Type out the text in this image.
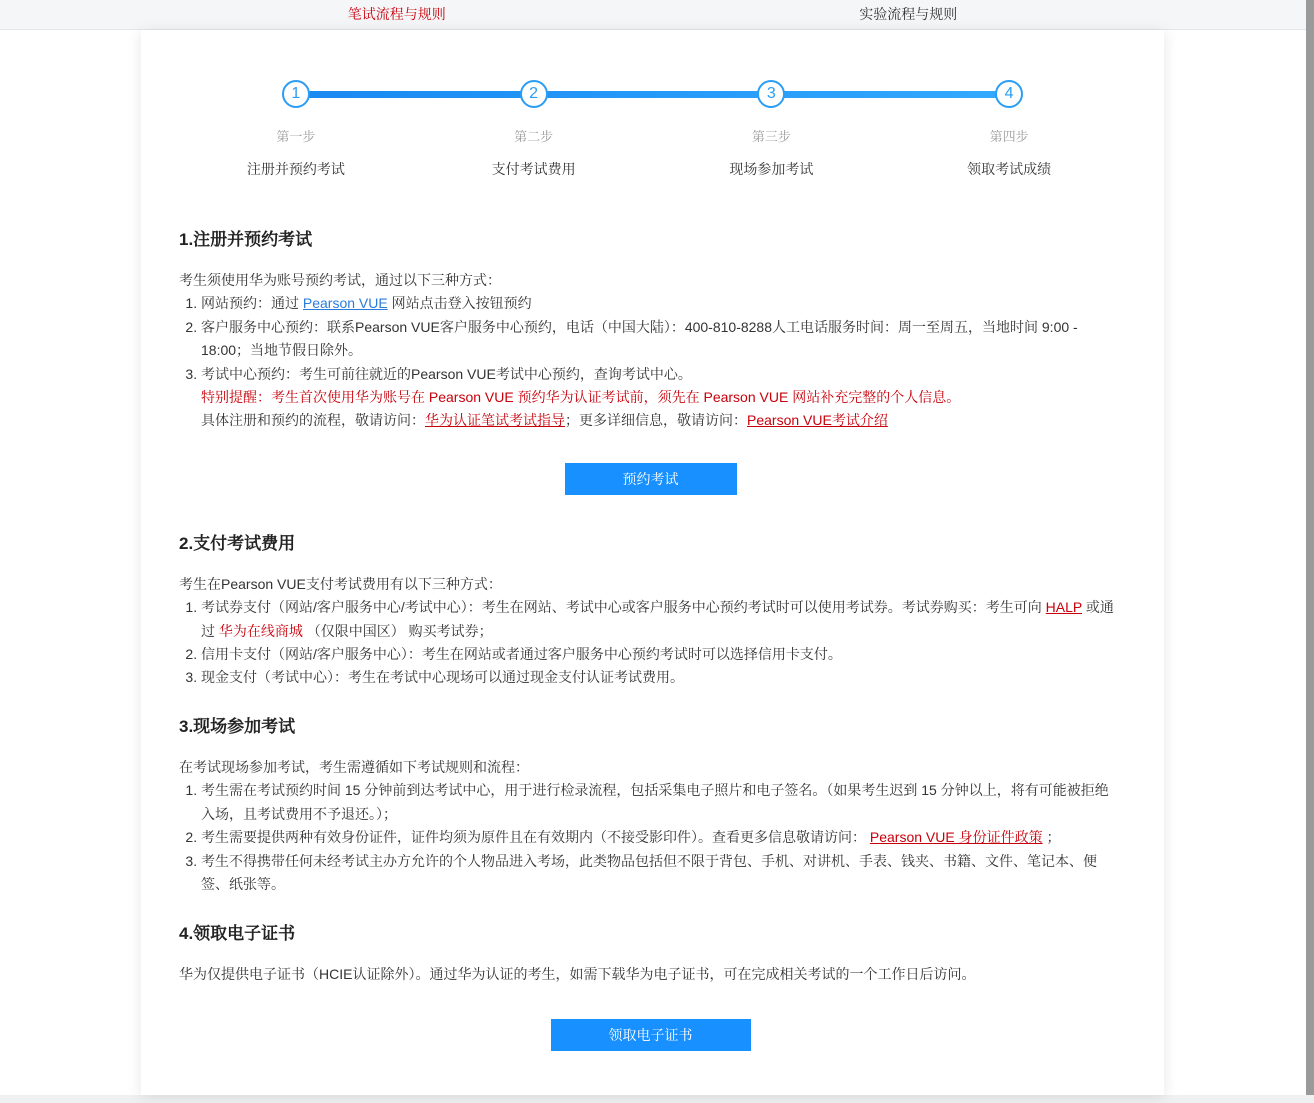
笔试流程与规则	实验流程与规则
1
第一步
注册并预约考试
2
第二步
支付考试费用
3
第三步
现场参加考试
4
第四步
领取考试成绩
1.注册并预约考试
考生须使用华为账号预约考试，通过以下三种方式：
1. 网站预约：通过 Pearson VUE 网站点击登入按钮预约
2. 客户服务中心预约：联系Pearson VUE客户服务中心预约，电话（中国大陆）：400-810-8288人工电话服务时间：周一至周五，当地时间 9:00 - 18:00；当地节假日除外。
3. 考试中心预约：考生可前往就近的Pearson VUE考试中心预约，查询考试中心。
特别提醒：考生首次使用华为账号在 Pearson VUE 预约华为认证考试前，须先在 Pearson VUE 网站补充完整的个人信息。
具体注册和预约的流程，敬请访问：华为认证笔试考试指导；更多详细信息，敬请访问：Pearson VUE考试介绍
预约考试
2.支付考试费用
考生在Pearson VUE支付考试费用有以下三种方式：
1. 考试券支付（网站/客户服务中心/考试中心）：考生在网站、考试中心或客户服务中心预约考试时可以使用考试券。考试券购买：考生可向 HALP 或通过 华为在线商城 （仅限中国区） 购买考试券；
2. 信用卡支付（网站/客户服务中心）：考生在网站或者通过客户服务中心预约考试时可以选择信用卡支付。
3. 现金支付（考试中心）：考生在考试中心现场可以通过现金支付认证考试费用。
3.现场参加考试
在考试现场参加考试，考生需遵循如下考试规则和流程：
1. 考生需在考试预约时间 15 分钟前到达考试中心，用于进行检录流程，包括采集电子照片和电子签名。（如果考生迟到 15 分钟以上，将有可能被拒绝入场，且考试费用不予退还。）；
2. 考生需要提供两种有效身份证件，证件均须为原件且在有效期内（不接受影印件）。查看更多信息敬请访问： Pearson VUE 身份证件政策 ；
3. 考生不得携带任何未经考试主办方允许的个人物品进入考场，此类物品包括但不限于背包、手机、对讲机、手表、钱夹、书籍、文件、笔记本、便签、纸张等。
4.领取电子证书
华为仅提供电子证书（HCIE认证除外）。通过华为认证的考生，如需下载华为电子证书，可在完成相关考试的一个工作日后访问。
领取电子证书
